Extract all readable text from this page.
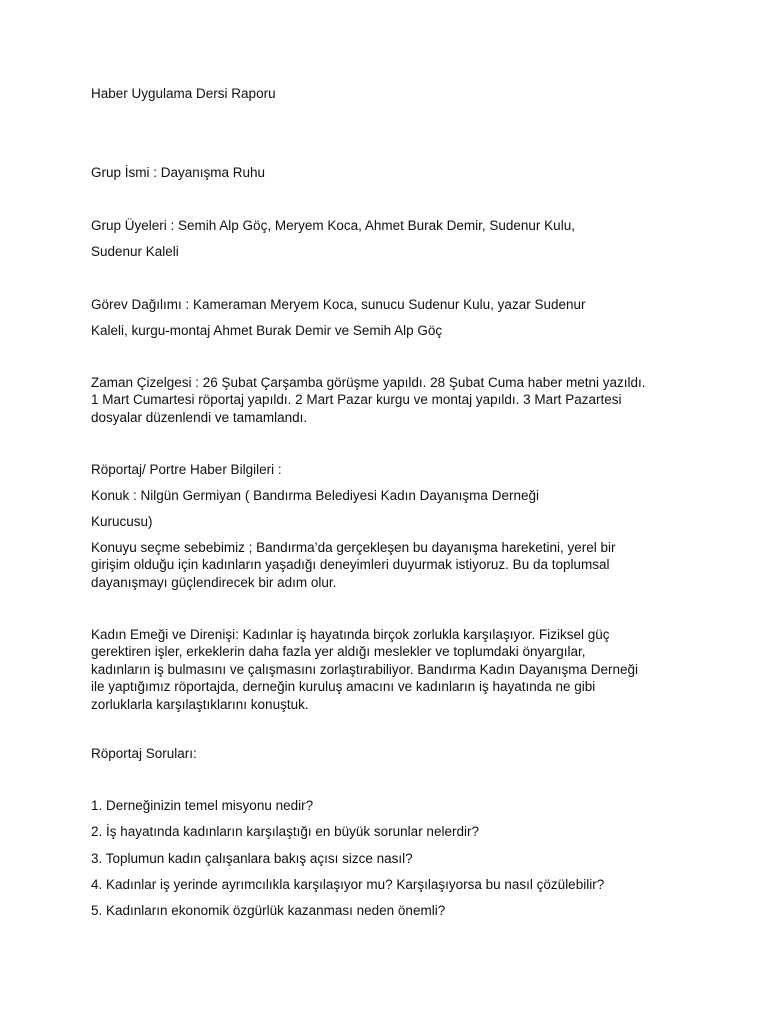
Haber Uygulama Dersi Raporu
Grup İsmi : Dayanışma Ruhu
Grup Üyeleri : Semih Alp Göç, Meryem Koca, Ahmet Burak Demir, Sudenur Kulu,
Sudenur Kaleli
Görev Dağılımı : Kameraman Meryem Koca, sunucu Sudenur Kulu, yazar Sudenur
Kaleli, kurgu-montaj Ahmet Burak Demir ve Semih Alp Göç
Zaman Çizelgesi : 26 Şubat Çarşamba görüşme yapıldı. 28 Şubat Cuma haber metni yazıldı.
1 Mart Cumartesi röportaj yapıldı. 2 Mart Pazar kurgu ve montaj yapıldı. 3 Mart Pazartesi
dosyalar düzenlendi ve tamamlandı.
Röportaj/ Portre Haber Bilgileri :
Konuk : Nilgün Germiyan ( Bandırma Belediyesi Kadın Dayanışma Derneği
Kurucusu)
Konuyu seçme sebebimiz ; Bandırma’da gerçekleşen bu dayanışma hareketini, yerel bir
girişim olduğu için kadınların yaşadığı deneyimleri duyurmak istiyoruz. Bu da toplumsal
dayanışmayı güçlendirecek bir adım olur.
Kadın Emeği ve Direnişi: Kadınlar iş hayatında birçok zorlukla karşılaşıyor. Fiziksel güç
gerektiren işler, erkeklerin daha fazla yer aldığı meslekler ve toplumdaki önyargılar,
kadınların iş bulmasını ve çalışmasını zorlaştırabiliyor. Bandırma Kadın Dayanışma Derneği
ile yaptığımız röportajda, derneğin kuruluş amacını ve kadınların iş hayatında ne gibi
zorluklarla karşılaştıklarını konuştuk.
Röportaj Soruları:
1. Derneğinizin temel misyonu nedir?
2. İş hayatında kadınların karşılaştığı en büyük sorunlar nelerdir?
3. Toplumun kadın çalışanlara bakış açısı sizce nasıl?
4. Kadınlar iş yerinde ayrımcılıkla karşılaşıyor mu? Karşılaşıyorsa bu nasıl çözülebilir?
5. Kadınların ekonomik özgürlük kazanması neden önemli?
